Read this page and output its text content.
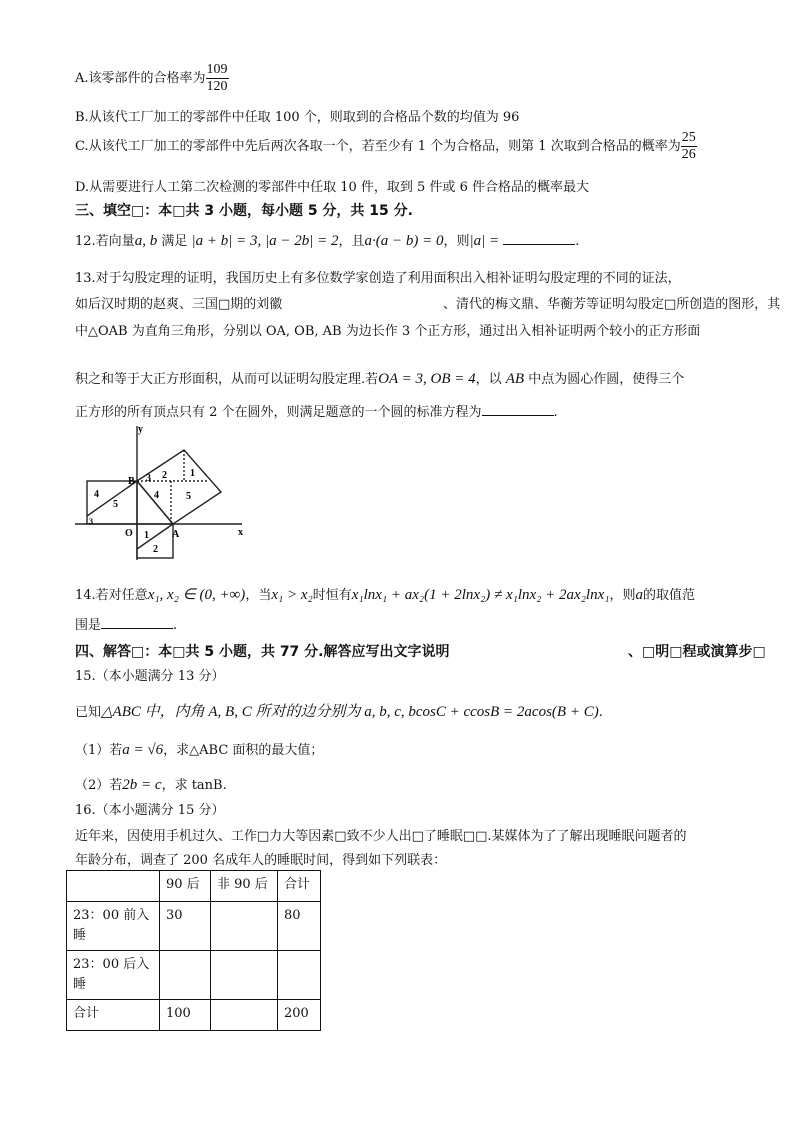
A.该零部件的合格率为 $\frac{109}{120}$
B.从该代工厂加工的零部件中任取 100 个，则取到的合格品个数的均值为 96
C.从该代工厂加工的零部件中先后两次各取一个，若至少有 1 个为合格品，则第 1 次取到合格品的概率为 $\frac{25}{26}$
D.从需要进行人工第二次检测的零部件中任取 10 件，取到 5 件或 6 件合格品的概率最大
三、填空□：本□共 3 小题，每小题 5 分，共 15 分.
12.若向量a, b 满足 |a + b| = 3, |a − 2b| = 2，且a·(a − b) = 0，则|a| =	.
13.对于勾股定理的证明，我国历史上有多位数学家创造了利用面积出入相补证明勾股定理的不同的证法，
如后汉时期的赵爽、三国□期的刘徽	、清代的梅文鼎、华蘅芳等证明勾股定□所创造的图形，其
中△OAB 为直角三角形，分别以 OA, OB, AB 为边长作 3 个正方形，通过出入相补证明两个较小的正方形面
积之和等于大正方形面积，从而可以证明勾股定理.若OA = 3, OB = 4，以 AB 中点为圆心作圆，使得三个
正方形的所有顶点只有 2 个在圆外，则满足题意的一个圆的标准方程为	.
y
x
O	A
B
4
5
3 2 1
4	5
1
2
3
14.若对任意x₁, x₂ ∈ (0, +∞)，当x₁ > x₂时恒有x₁lnx₁ + ax₂(1 + 2lnx₂) ≠ x₁lnx₂ + 2ax₂lnx₁，则a的取值范
围是	.
四、解答□：本□共 5 小题，共 77 分.解答应写出文字说明	、□明□程或演算步□
15.（本小题满分 13 分）
已知△ABC 中，内角 A, B, C 所对的边分别为 a, b, c, bcosC + ccosB = 2acos(B + C).
（1）若a = √6，求△ABC 面积的最大值；
（2）若2b = c，求 tanB.
16.（本小题满分 15 分）
近年来，因使用手机过久、工作□力大等因素□致不少人出□了睡眠□□.某媒体为了了解出现睡眠问题者的
年龄分布，调查了 200 名成年人的睡眠时间，得到如下列联表：
	90 后	非 90 后	合计
23：00 前入睡	30		80
23：00 后入睡			
合计	100		200
